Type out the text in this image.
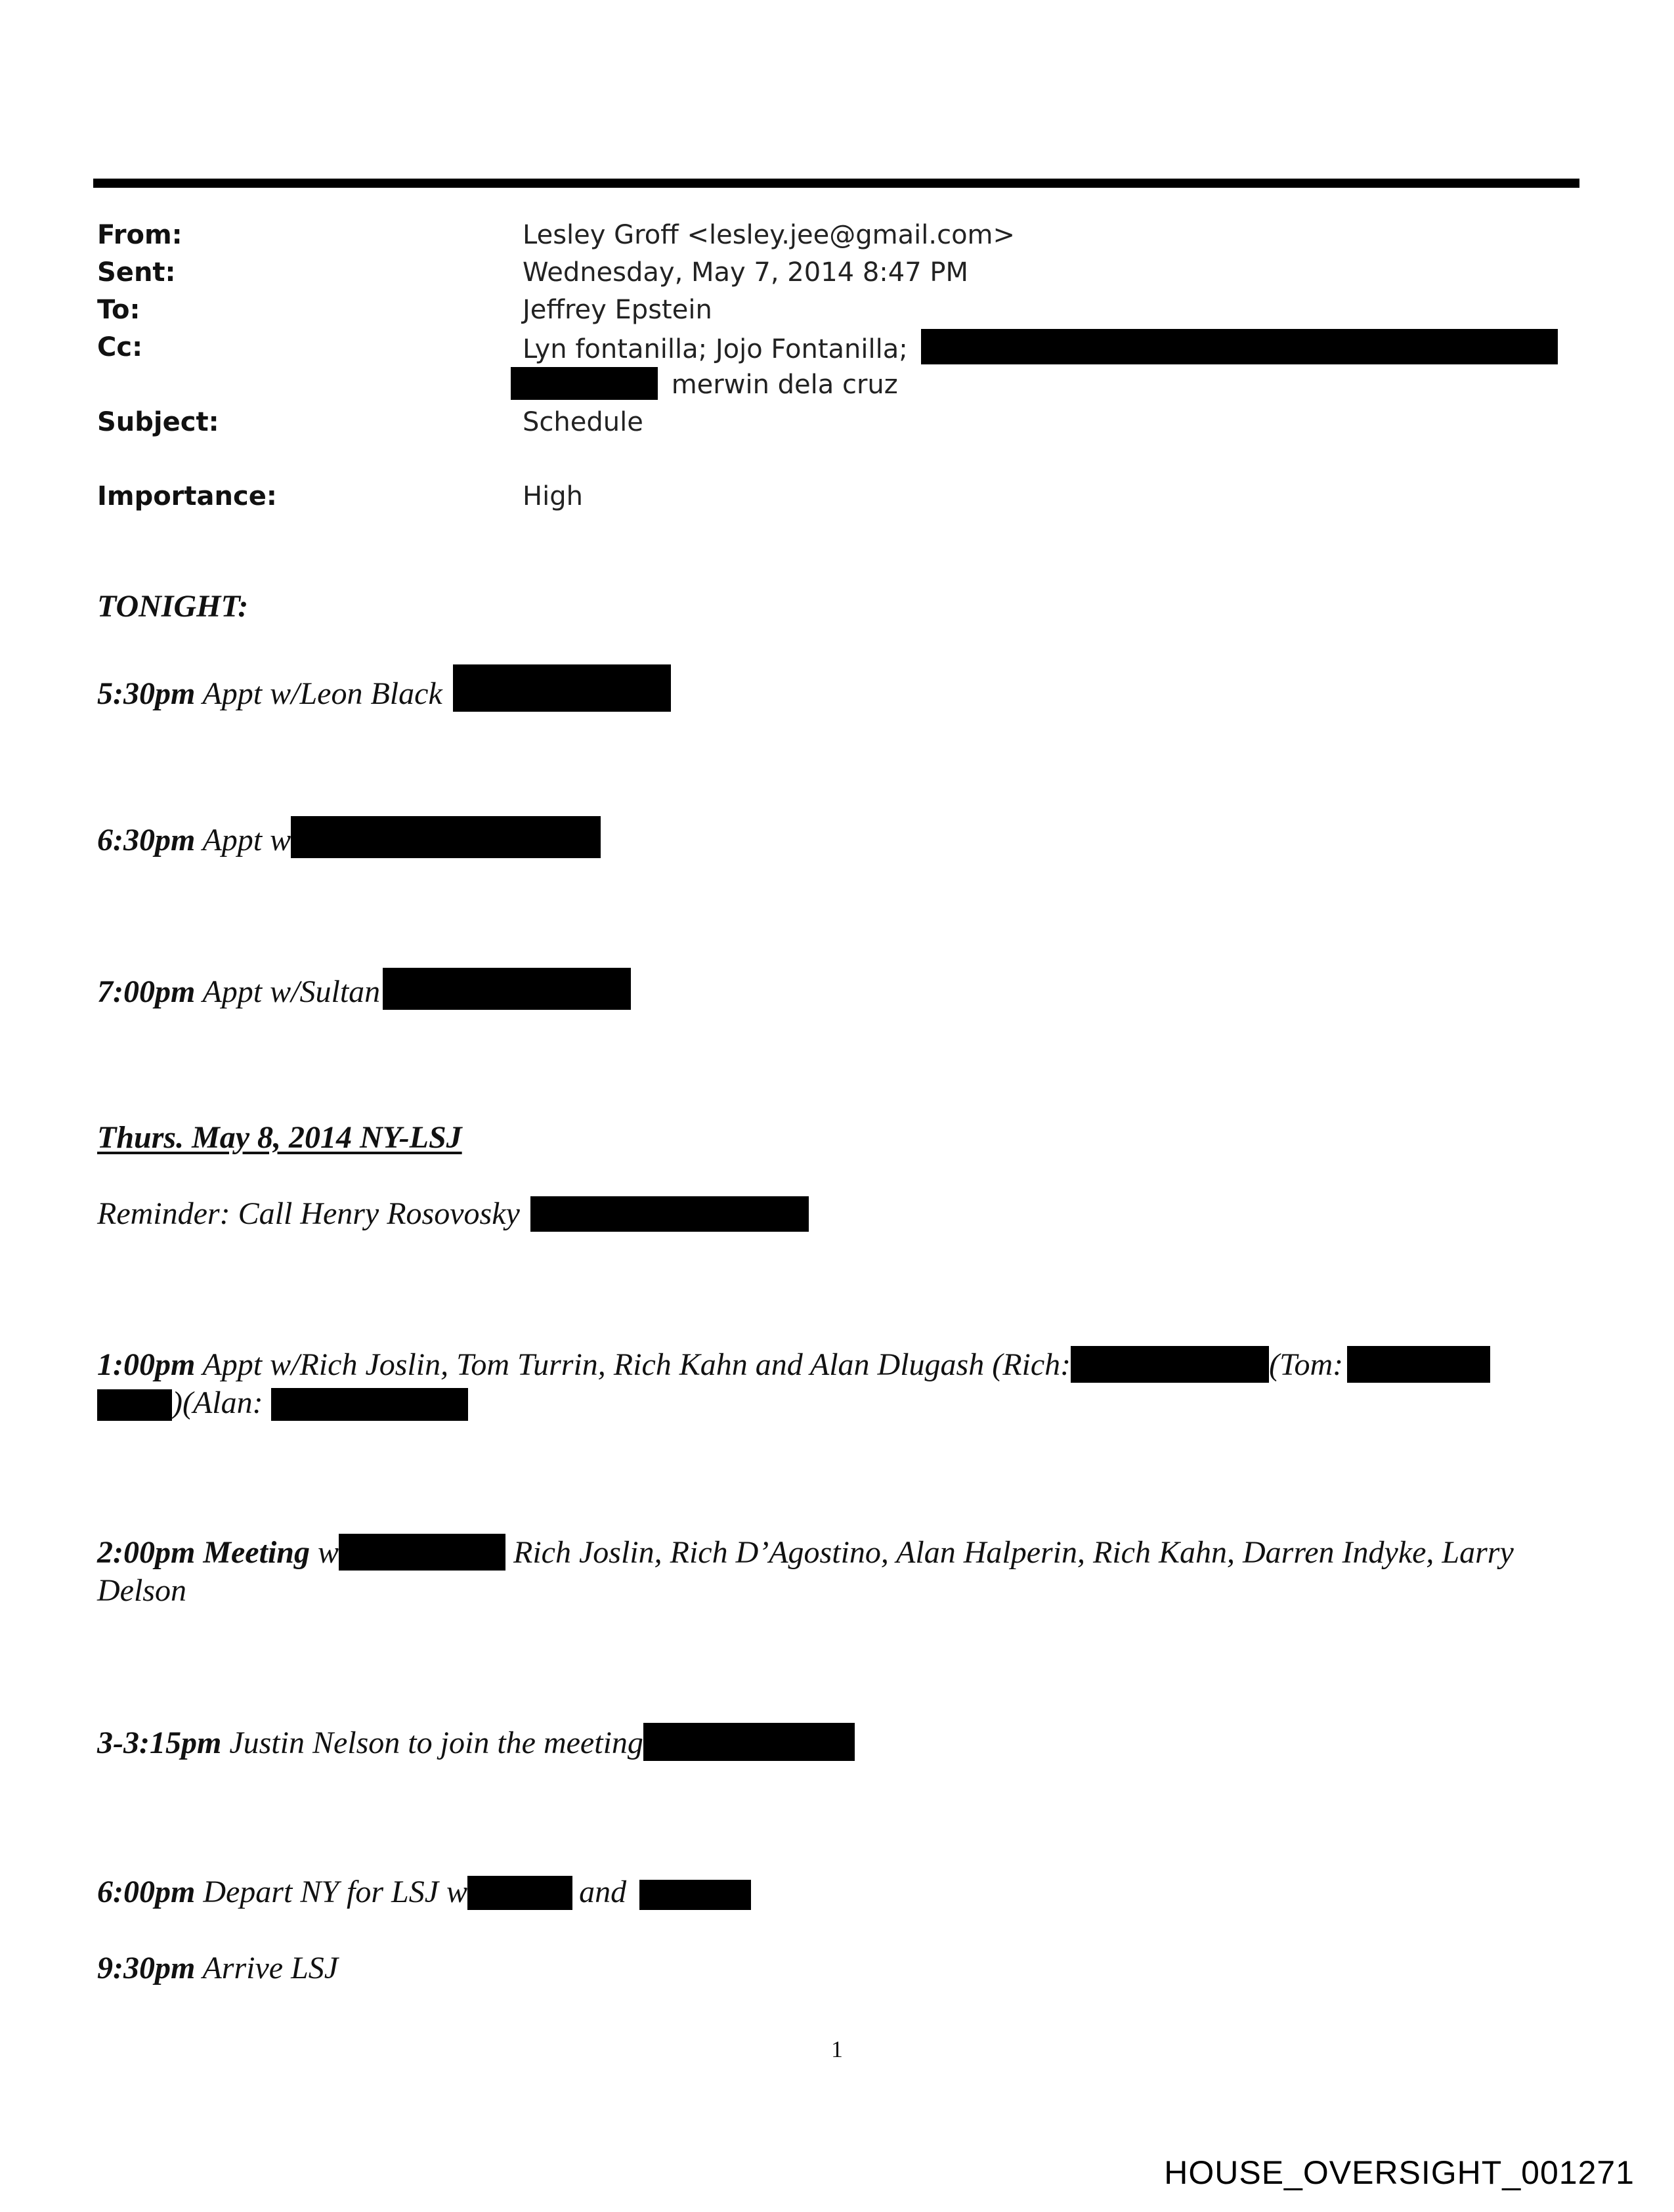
From:	Lesley Groff <lesley.jee@gmail.com>
Sent:	Wednesday, May 7, 2014 8:47 PM
To:	Jeffrey Epstein
Cc:	Lyn fontanilla; Jojo Fontanilla;
merwin dela cruz
Subject:	Schedule
Importance:	High
TONIGHT:
5:30pm Appt w/Leon Black
6:30pm Appt w
7:00pm Appt w/Sultan
Thurs. May 8, 2014 NY-LSJ
Reminder: Call Henry Rosovosky
1:00pm Appt w/Rich Joslin, Tom Turrin, Rich Kahn and Alan Dlugash (Rich:	(Tom:
)(Alan:
2:00pm Meeting w	Rich Joslin, Rich D’Agostino, Alan Halperin, Rich Kahn, Darren Indyke, Larry Delson
3-3:15pm Justin Nelson to join the meeting
6:00pm Depart NY for LSJ w	and
9:30pm Arrive LSJ
1
HOUSE_OVERSIGHT_001271
